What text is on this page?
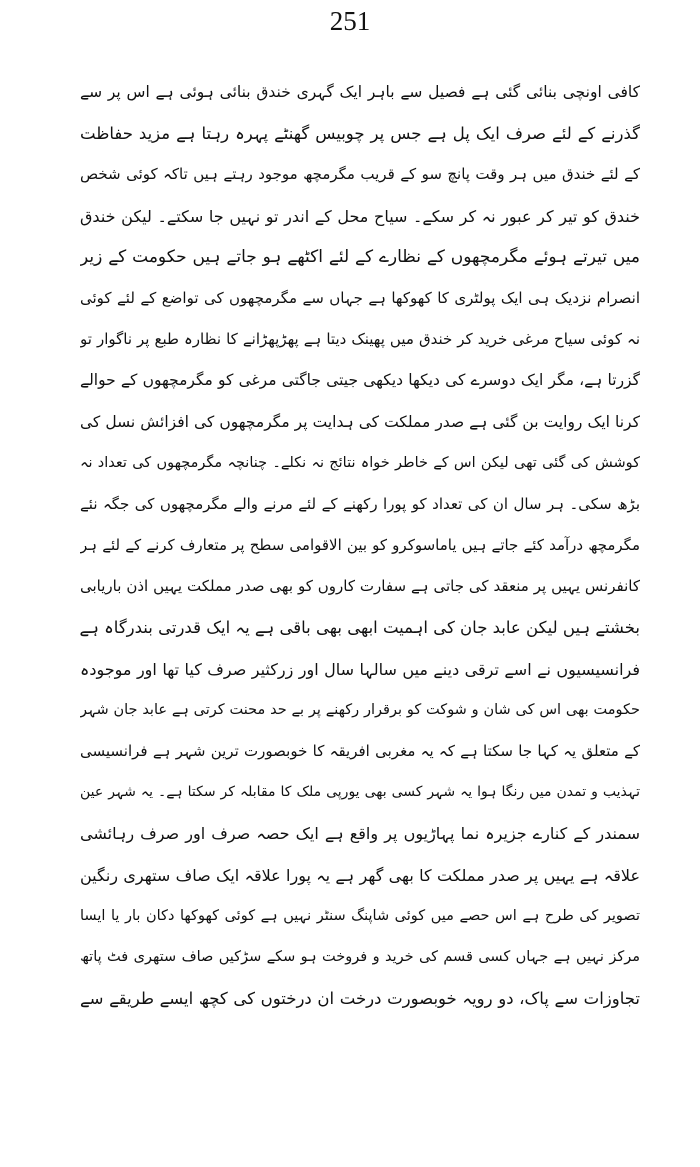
251
کافی اونچی بنائی گئی ہے فصیل سے باہر ایک گہری خندق بنائی ہوئی ہے اس پر سے
گذرنے کے لئے صرف ایک پل ہے جس پر چوبیس گھنٹے پہرہ رہتا ہے مزید حفاظت
کے لئے خندق میں ہر وقت پانچ سو کے قریب مگرمچھ موجود رہتے ہیں تاکہ کوئی شخص
خندق کو تیر کر عبور نہ کر سکے۔ سیاح محل کے اندر تو نہیں جا سکتے۔ لیکن خندق
میں تیرتے ہوئے مگرمچھوں کے نظارے کے لئے اکٹھے ہو جاتے ہیں حکومت کے زیر
انصرام نزدیک ہی ایک پولٹری کا کھوکھا ہے جہاں سے مگرمچھوں کی تواضع کے لئے کوئی
نہ کوئی سیاح مرغی خرید کر خندق میں پھینک دیتا ہے پھڑپھڑانے کا نظارہ طبع پر ناگوار تو
گزرتا ہے، مگر ایک دوسرے کی دیکھا دیکھی جیتی جاگتی مرغی کو مگرمچھوں کے حوالے
کرنا ایک روایت بن گئی ہے صدر مملکت کی ہدایت پر مگرمچھوں کی افزائش نسل کی
کوشش کی گئی تھی لیکن اس کے خاطر خواہ نتائج نہ نکلے۔ چنانچہ مگرمچھوں کی تعداد نہ
بڑھ سکی۔ ہر سال ان کی تعداد کو پورا رکھنے کے لئے مرنے والے مگرمچھوں کی جگہ نئے
مگرمچھ درآمد کئے جاتے ہیں یاماسوکرو کو بین الاقوامی سطح پر متعارف کرنے کے لئے ہر
کانفرنس یہیں پر منعقد کی جاتی ہے سفارت کاروں کو بھی صدر مملکت یہیں اذن باریابی
بخشتے ہیں لیکن عابد جان کی اہمیت ابھی بھی باقی ہے یہ ایک قدرتی بندرگاہ ہے
فرانسیسیوں نے اسے ترقی دینے میں سالہا سال اور زرکثیر صرف کیا تھا اور موجودہ
حکومت بھی اس کی شان و شوکت کو برقرار رکھنے پر بے حد محنت کرتی ہے عابد جان شہر
کے متعلق یہ کہا جا سکتا ہے کہ یہ مغربی افریقہ کا خوبصورت ترین شہر ہے فرانسیسی
تہذیب و تمدن میں رنگا ہوا یہ شہر کسی بھی یورپی ملک کا مقابلہ کر سکتا ہے۔ یہ شہر عین
سمندر کے کنارے جزیرہ نما پہاڑیوں پر واقع ہے ایک حصہ صرف اور صرف رہائشی
علاقہ ہے یہیں پر صدر مملکت کا بھی گھر ہے یہ پورا علاقہ ایک صاف ستھری رنگین
تصویر کی طرح ہے اس حصے میں کوئی شاپنگ سنٹر نہیں ہے کوئی کھوکھا دکان بار یا ایسا
مرکز نہیں ہے جہاں کسی قسم کی خرید و فروخت ہو سکے سڑکیں صاف ستھری فٹ پاتھ
تجاوزات سے پاک، دو رویہ خوبصورت درخت ان درختوں کی کچھ ایسے طریقے سے
